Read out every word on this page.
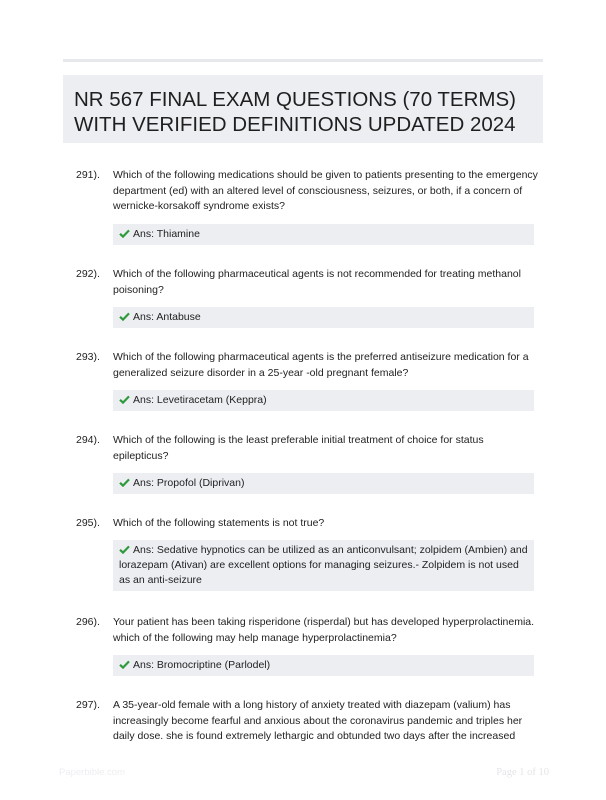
NR 567 FINAL EXAM QUESTIONS (70 TERMS)
WITH VERIFIED DEFINITIONS UPDATED 2024
291). Which of the following medications should be given to patients presenting to the emergency department (ed) with an altered level of consciousness, seizures, or both, if a concern of wernicke-korsakoff syndrome exists?
Ans: Thiamine
292). Which of the following pharmaceutical agents is not recommended for treating methanol poisoning?
Ans: Antabuse
293). Which of the following pharmaceutical agents is the preferred antiseizure medication for a generalized seizure disorder in a 25-year -old pregnant female?
Ans: Levetiracetam (Keppra)
294). Which of the following is the least preferable initial treatment of choice for status epilepticus?
Ans: Propofol (Diprivan)
295). Which of the following statements is not true?
Ans: Sedative hypnotics can be utilized as an anticonvulsant; zolpidem (Ambien) and lorazepam (Ativan) are excellent options for managing seizures.- Zolpidem is not used as an anti-seizure
296). Your patient has been taking risperidone (risperdal) but has developed hyperprolactinemia. which of the following may help manage hyperprolactinemia?
Ans: Bromocriptine (Parlodel)
297). A 35-year-old female with a long history of anxiety treated with diazepam (valium) has increasingly become fearful and anxious about the coronavirus pandemic and triples her daily dose. she is found extremely lethargic and obtunded two days after the increased
Paperbible.com	Page 1 of 10
